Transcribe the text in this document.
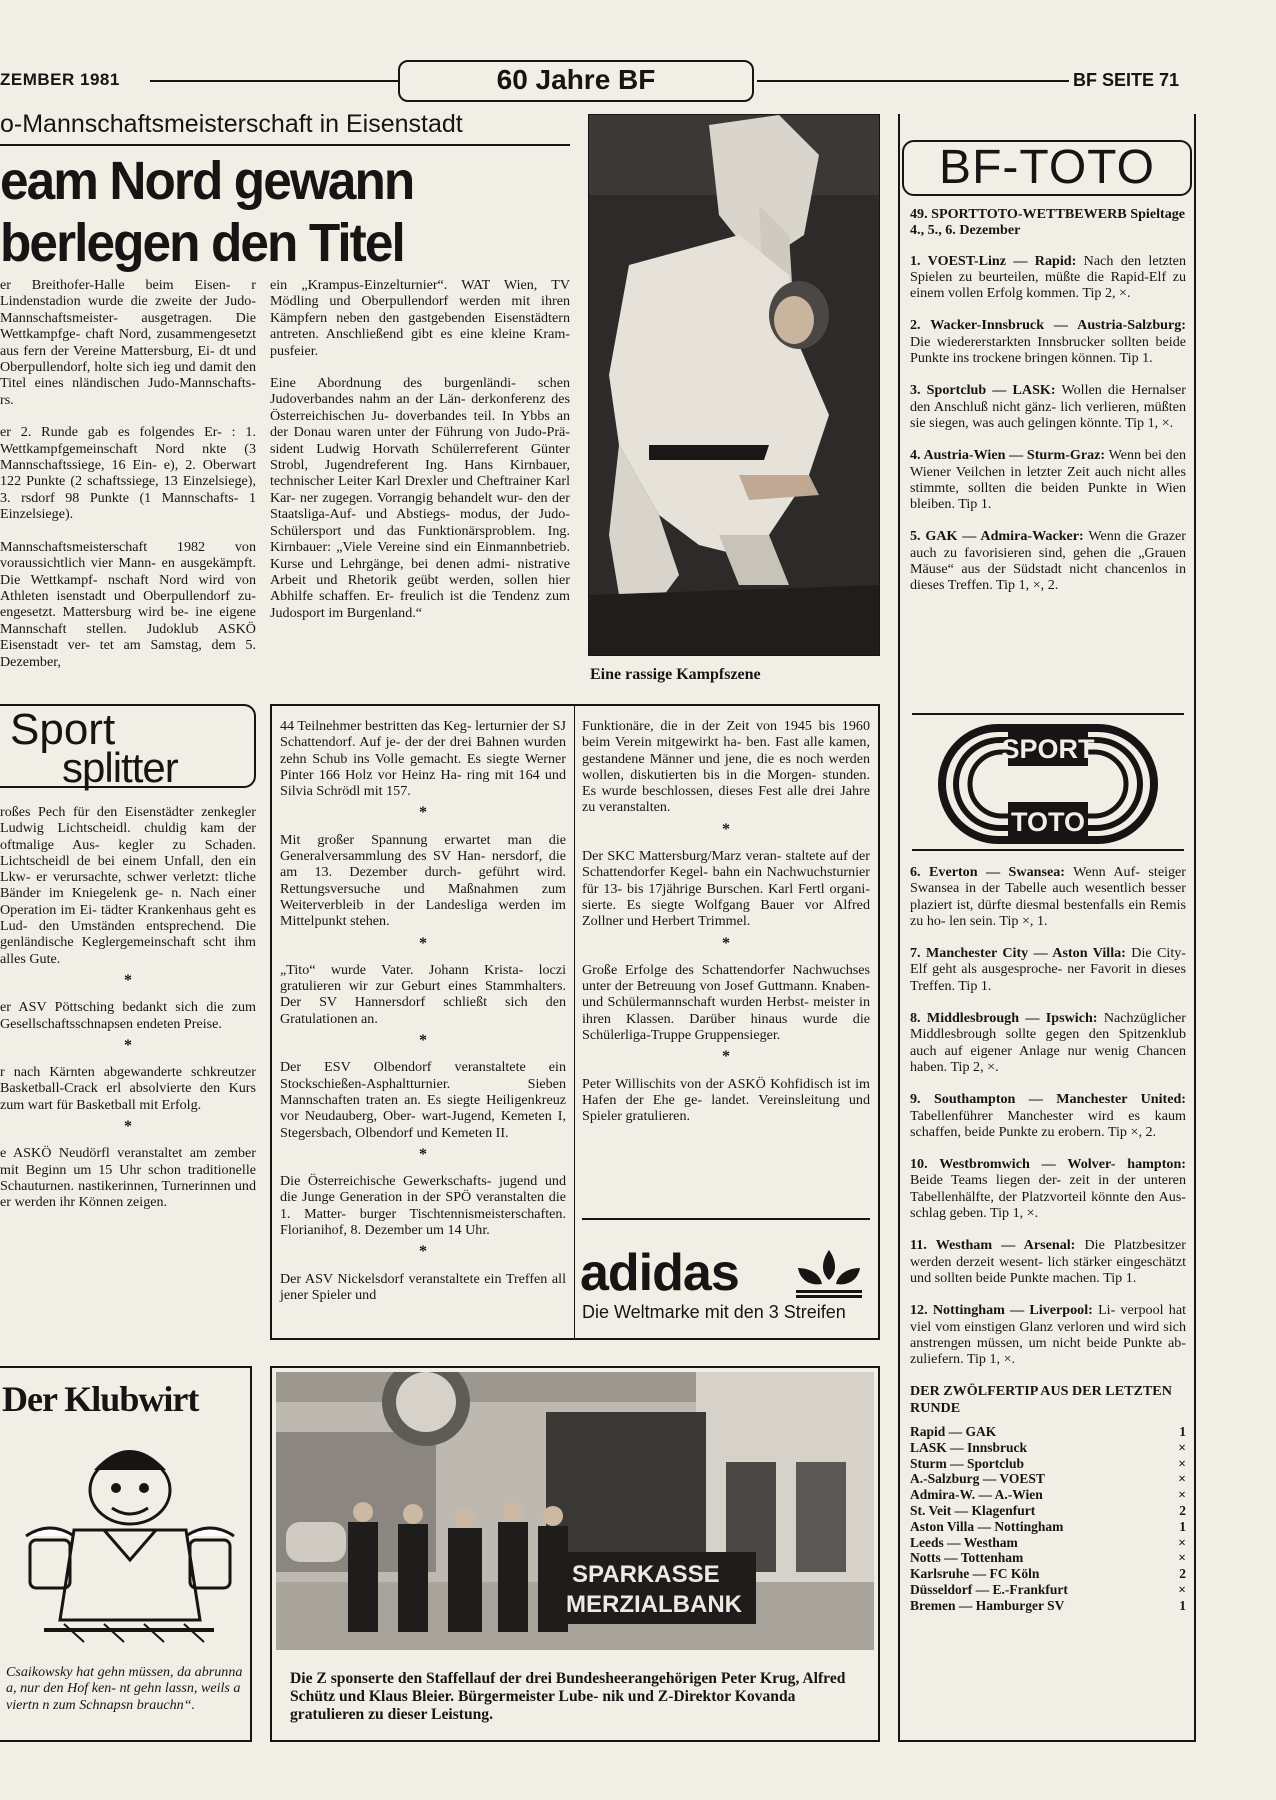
ZEMBER 1981	60 Jahre BF	BF SEITE 71
o-Mannschaftsmeisterschaft in Eisenstadt
eam Nord gewann
berlegen den Titel

er Breithofer-Halle beim Eisen- r Lindenstadion wurde die zweite der Judo-Mannschaftsmeister- ausgetragen. Die Wettkampfge- chaft Nord, zusammengesetzt aus fern der Vereine Mattersburg, Ei- dt und Oberpullendorf, holte sich ieg und damit den Titel eines nländischen Judo-Mannschafts- rs.

er 2. Runde gab es folgendes Er- : 1. Wettkampfgemeinschaft Nord nkte (3 Mannschaftssiege, 16 Ein- e), 2. Oberwart 122 Punkte (2 schaftssiege, 13 Einzelsiege), 3. rsdorf 98 Punkte (1 Mannschafts- 1 Einzelsiege).

Mannschaftsmeisterschaft 1982 von voraussichtlich vier Mann- en ausgekämpft. Die Wettkampf- nschaft Nord wird von Athleten isenstadt und Oberpullendorf zu- engesetzt. Mattersburg wird be- ine eigene Mannschaft stellen. Judoklub ASKÖ Eisenstadt ver- tet am Samstag, dem 5. Dezember,

ein „Krampus-Einzelturnier“. WAT Wien, TV Mödling und Oberpullendorf werden mit ihren Kämpfern neben den gastgebenden Eisenstädtern antreten. Anschließend gibt es eine kleine Kram- pusfeier.

Eine Abordnung des burgenländi- schen Judoverbandes nahm an der Län- derkonferenz des Österreichischen Ju- doverbandes teil. In Ybbs an der Donau waren unter der Führung von Judo-Prä- sident Ludwig Horvath Schülerreferent Günter Strobl, Jugendreferent Ing. Hans Kirnbauer, technischer Leiter Karl Drexler und Cheftrainer Karl Kar- ner zugegen. Vorrangig behandelt wur- den der Staatsliga-Auf- und Abstiegs- modus, der Judo-Schülersport und das Funktionärsproblem. Ing. Kirnbauer: „Viele Vereine sind ein Einmannbetrieb. Kurse und Lehrgänge, bei denen admi- nistrative Arbeit und Rhetorik geübt werden, sollen hier Abhilfe schaffen. Er- freulich ist die Tendenz zum Judosport im Burgenland.“

Eine rassige Kampfszene
BF-TOTO
49. SPORTTOTO-WETTBEWERB Spieltage 4., 5., 6. Dezember
1. VOEST-Linz — Rapid: Nach den letzten Spielen zu beurteilen, müßte die Rapid-Elf zu einem vollen Erfolg kommen. Tip 2, ×.
2. Wacker-Innsbruck — Austria-Salzburg: Die wiedererstarkten Innsbrucker sollten beide Punkte ins trockene bringen können. Tip 1.
3. Sportclub — LASK: Wollen die Hernalser den Anschluß nicht gänz- lich verlieren, müßten sie siegen, was auch gelingen könnte. Tip 1, ×.
4. Austria-Wien — Sturm-Graz: Wenn bei den Wiener Veilchen in letzter Zeit auch nicht alles stimmte, sollten die beiden Punkte in Wien bleiben. Tip 1.
5. GAK — Admira-Wacker: Wenn die Grazer auch zu favorisieren sind, gehen die „Grauen Mäuse“ aus der Südstadt nicht chancenlos in dieses Treffen. Tip 1, ×, 2.
SPORT
TOTO
6. Everton — Swansea: Wenn Auf- steiger Swansea in der Tabelle auch wesentlich besser plaziert ist, dürfte diesmal bestenfalls ein Remis zu ho- len sein. Tip ×, 1.
7. Manchester City — Aston Villa: Die City-Elf geht als ausgesproche- ner Favorit in dieses Treffen. Tip 1.
8. Middlesbrough — Ipswich: Nachzüglicher Middlesbrough sollte gegen den Spitzenklub auch auf eigener Anlage nur wenig Chancen haben. Tip 2, ×.
9. Southampton — Manchester United: Tabellenführer Manchester wird es kaum schaffen, beide Punkte zu erobern. Tip ×, 2.
10. Westbromwich — Wolver- hampton: Beide Teams liegen der- zeit in der unteren Tabellenhälfte, der Platzvorteil könnte den Aus- schlag geben. Tip 1, ×.
11. Westham — Arsenal: Die Platzbesitzer werden derzeit wesent- lich stärker eingeschätzt und sollten beide Punkte machen. Tip 1.
12. Nottingham — Liverpool: Li- verpool hat viel vom einstigen Glanz verloren und wird sich anstrengen müssen, um nicht beide Punkte ab- zuliefern. Tip 1, ×.
DER ZWÖLFERTIP AUS DER LETZTEN RUNDE
Rapid — GAK	1
LASK — Innsbruck	×
Sturm — Sportclub	×
A.-Salzburg — VOEST	×
Admira-W. — A.-Wien	×
St. Veit — Klagenfurt	2
Aston Villa — Nottingham	1
Leeds — Westham	×
Notts — Tottenham	×
Karlsruhe — FC Köln	2
Düsseldorf — E.-Frankfurt	×
Bremen — Hamburger SV	1
Sport
splitter
roßes Pech für den Eisenstädter zenkegler Ludwig Lichtscheidl. chuldig kam der oftmalige Aus- kegler zu Schaden. Lichtscheidl de bei einem Unfall, den ein Lkw- er verursachte, schwer verletzt: tliche Bänder im Kniegelenk ge- n. Nach einer Operation im Ei- tädter Krankenhaus geht es Lud- den Umständen entsprechend. Die genländische Keglergemeinschaft scht ihm alles Gute.
*
er ASV Pöttsching bedankt sich die zum Gesellschaftsschnapsen endeten Preise.
*
r nach Kärnten abgewanderte schkreutzer Basketball-Crack erl absolvierte den Kurs zum wart für Basketball mit Erfolg.
*
e ASKÖ Neudörfl veranstaltet am zember mit Beginn um 15 Uhr schon traditionelle Schauturnen. nastikerinnen, Turnerinnen und er werden ihr Können zeigen.
44 Teilnehmer bestritten das Keg- lerturnier der SJ Schattendorf. Auf je- der der drei Bahnen wurden zehn Schub ins Volle gemacht. Es siegte Werner Pinter 166 Holz vor Heinz Ha- ring mit 164 und Silvia Schrödl mit 157.
*
Mit großer Spannung erwartet man die Generalversammlung des SV Han- nersdorf, die am 13. Dezember durch- geführt wird. Rettungsversuche und Maßnahmen zum Weiterverbleib in der Landesliga werden im Mittelpunkt stehen.
*
„Tito“ wurde Vater. Johann Krista- loczi gratulieren wir zur Geburt eines Stammhalters. Der SV Hannersdorf schließt sich den Gratulationen an.
*
Der ESV Olbendorf veranstaltete ein Stockschießen-Asphaltturnier. Sieben Mannschaften traten an. Es siegte Heiligenkreuz vor Neudauberg, Ober- wart-Jugend, Kemeten I, Stegersbach, Olbendorf und Kemeten II.
*
Die Österreichische Gewerkschafts- jugend und die Junge Generation in der SPÖ veranstalten die 1. Matter- burger Tischtennismeisterschaften. Florianihof, 8. Dezember um 14 Uhr.
*
Der ASV Nickelsdorf veranstaltete ein Treffen all jener Spieler und
Funktionäre, die in der Zeit von 1945 bis 1960 beim Verein mitgewirkt ha- ben. Fast alle kamen, gestandene Männer und jene, die es noch werden wollen, diskutierten bis in die Morgen- stunden. Es wurde beschlossen, dieses Fest alle drei Jahre zu veranstalten.
*
Der SKC Mattersburg/Marz veran- staltete auf der Schattendorfer Kegel- bahn ein Nachwuchsturnier für 13- bis 17jährige Burschen. Karl Fertl organi- sierte. Es siegte Wolfgang Bauer vor Alfred Zollner und Herbert Trimmel.
*
Große Erfolge des Schattendorfer Nachwuchses unter der Betreuung von Josef Guttmann. Knaben- und Schülermannschaft wurden Herbst- meister in ihren Klassen. Darüber hinaus wurde die Schülerliga-Truppe Gruppensieger.
*
Peter Willischits von der ASKÖ Kohfidisch ist im Hafen der Ehe ge- landet. Vereinsleitung und Spieler gratulieren.
adidas
Die Weltmarke mit den 3 Streifen
Der Klubwirt
Csaikowsky hat gehn müssen, da abrunna a, nur den Hof ken- nt gehn lassn, weils a viertn n zum Schnapsn brauchn“.
SPARKASSE
MERZIALBANK
Die Z sponserte den Staffellauf der drei Bundesheerangehörigen Peter Krug, Alfred Schütz und Klaus Bleier. Bürgermeister Lube- nik und Z-Direktor Kovanda gratulieren zu dieser Leistung.
